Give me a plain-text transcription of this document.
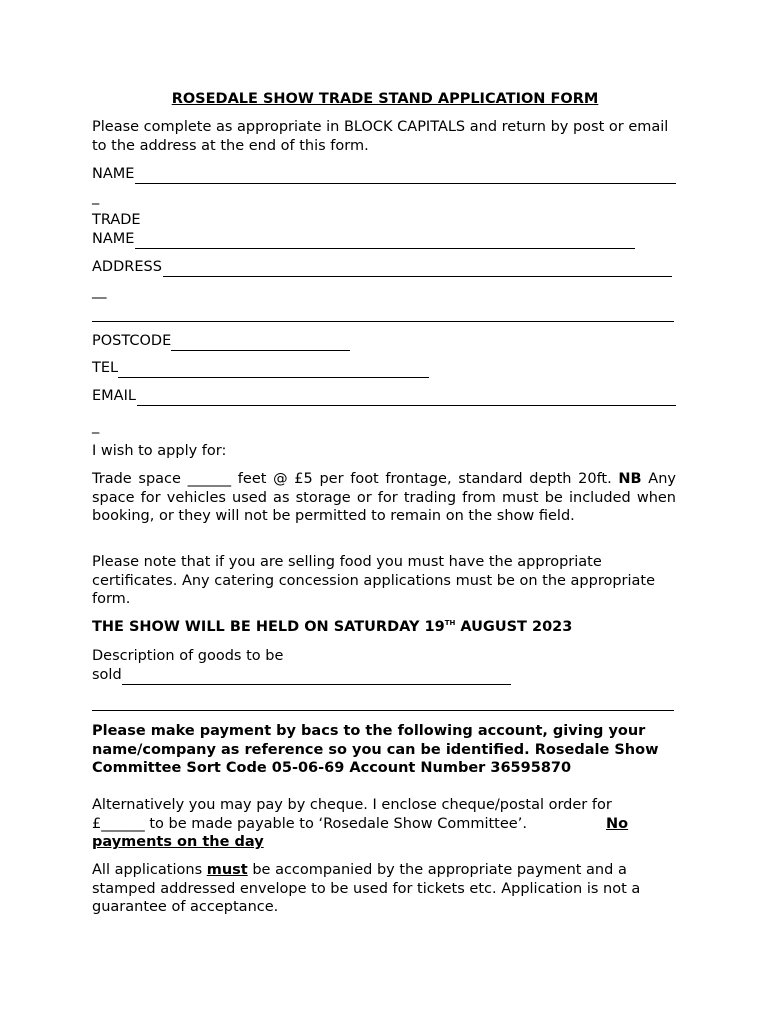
ROSEDALE SHOW TRADE STAND APPLICATION FORM
Please complete as appropriate in BLOCK CAPITALS and return by post or email to the address at the end of this form.
NAME
_
TRADE
NAME
ADDRESS
__
POSTCODE
TEL
EMAIL
_
I wish to apply for:
Trade space ______ feet @ £5 per foot frontage, standard depth 20ft. NB Any space for vehicles used as storage or for trading from must be included when booking, or they will not be permitted to remain on the show field.
Please note that if you are selling food you must have the appropriate certificates. Any catering concession applications must be on the appropriate form.
THE SHOW WILL BE HELD ON SATURDAY 19TH AUGUST 2023
Description of goods to be
sold
Please make payment by bacs to the following account, giving your name/company as reference so you can be identified. Rosedale Show Committee Sort Code 05-06-69 Account Number 36595870
Alternatively you may pay by cheque. I enclose cheque/postal order for
£______ to be made payable to ‘Rosedale Show Committee’.	No
payments on the day
All applications must be accompanied by the appropriate payment and a stamped addressed envelope to be used for tickets etc. Application is not a guarantee of acceptance.
